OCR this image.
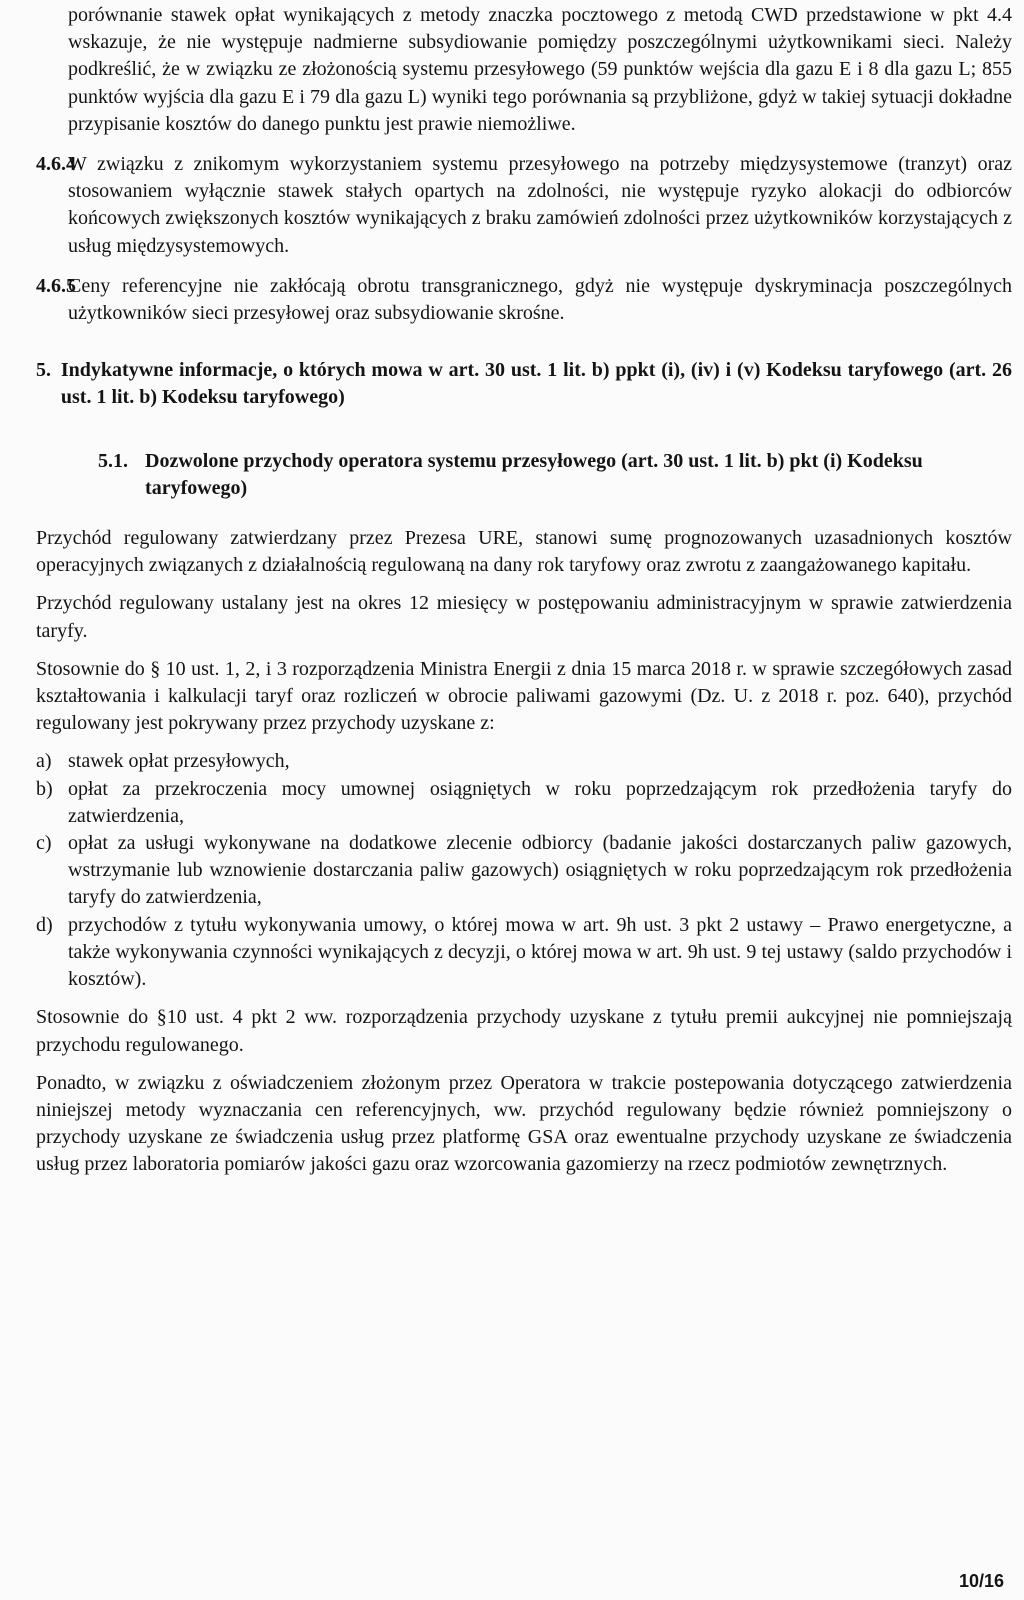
porównanie stawek opłat wynikających z metody znaczka pocztowego z metodą CWD przedstawione w pkt 4.4 wskazuje, że nie występuje nadmierne subsydiowanie pomiędzy poszczególnymi użytkownikami sieci. Należy podkreślić, że w związku ze złożonością systemu przesyłowego (59 punktów wejścia dla gazu E i 8 dla gazu L; 855 punktów wyjścia dla gazu E i 79 dla gazu L) wyniki tego porównania są przybliżone, gdyż w takiej sytuacji dokładne przypisanie kosztów do danego punktu jest prawie niemożliwe.

4.6.4

W związku z znikomym wykorzystaniem systemu przesyłowego na potrzeby międzysystemowe (tranzyt) oraz stosowaniem wyłącznie stawek stałych opartych na zdolności, nie występuje ryzyko alokacji do odbiorców końcowych zwiększonych kosztów wynikających z braku zamówień zdolności przez użytkowników korzystających z usług międzysystemowych.

4.6.5

Ceny referencyjne nie zakłócają obrotu transgranicznego, gdyż nie występuje dyskryminacja poszczególnych użytkowników sieci przesyłowej oraz subsydiowanie skrośne.

5. Indykatywne informacje, o których mowa w art. 30 ust. 1 lit. b) ppkt (i), (iv) i (v) Kodeksu taryfowego (art. 26 ust. 1 lit. b) Kodeksu taryfowego)

5.1. Dozwolone przychody operatora systemu przesyłowego (art. 30 ust. 1 lit. b) pkt (i) Kodeksu taryfowego)

Przychód regulowany zatwierdzany przez Prezesa URE, stanowi sumę prognozowanych uzasadnionych kosztów operacyjnych związanych z działalnością regulowaną na dany rok taryfowy oraz zwrotu z zaangażowanego kapitału.

Przychód regulowany ustalany jest na okres 12 miesięcy w postępowaniu administracyjnym w sprawie zatwierdzenia taryfy.

Stosownie do § 10 ust. 1, 2, i 3 rozporządzenia Ministra Energii z dnia 15 marca 2018 r. w sprawie szczegółowych zasad kształtowania i kalkulacji taryf oraz rozliczeń w obrocie paliwami gazowymi (Dz. U. z 2018 r. poz. 640), przychód regulowany jest pokrywany przez przychody uzyskane z:

a) stawek opłat przesyłowych,

b) opłat za przekroczenia mocy umownej osiągniętych w roku poprzedzającym rok przedłożenia taryfy do zatwierdzenia,

c) opłat za usługi wykonywane na dodatkowe zlecenie odbiorcy (badanie jakości dostarczanych paliw gazowych, wstrzymanie lub wznowienie dostarczania paliw gazowych) osiągniętych w roku poprzedzającym rok przedłożenia taryfy do zatwierdzenia,

d) przychodów z tytułu wykonywania umowy, o której mowa w art. 9h ust. 3 pkt 2 ustawy – Prawo energetyczne, a także wykonywania czynności wynikających z decyzji, o której mowa w art. 9h ust. 9 tej ustawy (saldo przychodów i kosztów).

Stosownie do §10 ust. 4 pkt 2 ww. rozporządzenia przychody uzyskane z tytułu premii aukcyjnej nie pomniejszają przychodu regulowanego.

Ponadto, w związku z oświadczeniem złożonym przez Operatora w trakcie postepowania dotyczącego zatwierdzenia niniejszej metody wyznaczania cen referencyjnych, ww. przychód regulowany będzie również pomniejszony o przychody uzyskane ze świadczenia usług przez platformę GSA oraz ewentualne przychody uzyskane ze świadczenia usług przez laboratoria pomiarów jakości gazu oraz wzorcowania gazomierzy na rzecz podmiotów zewnętrznych.

10/16
